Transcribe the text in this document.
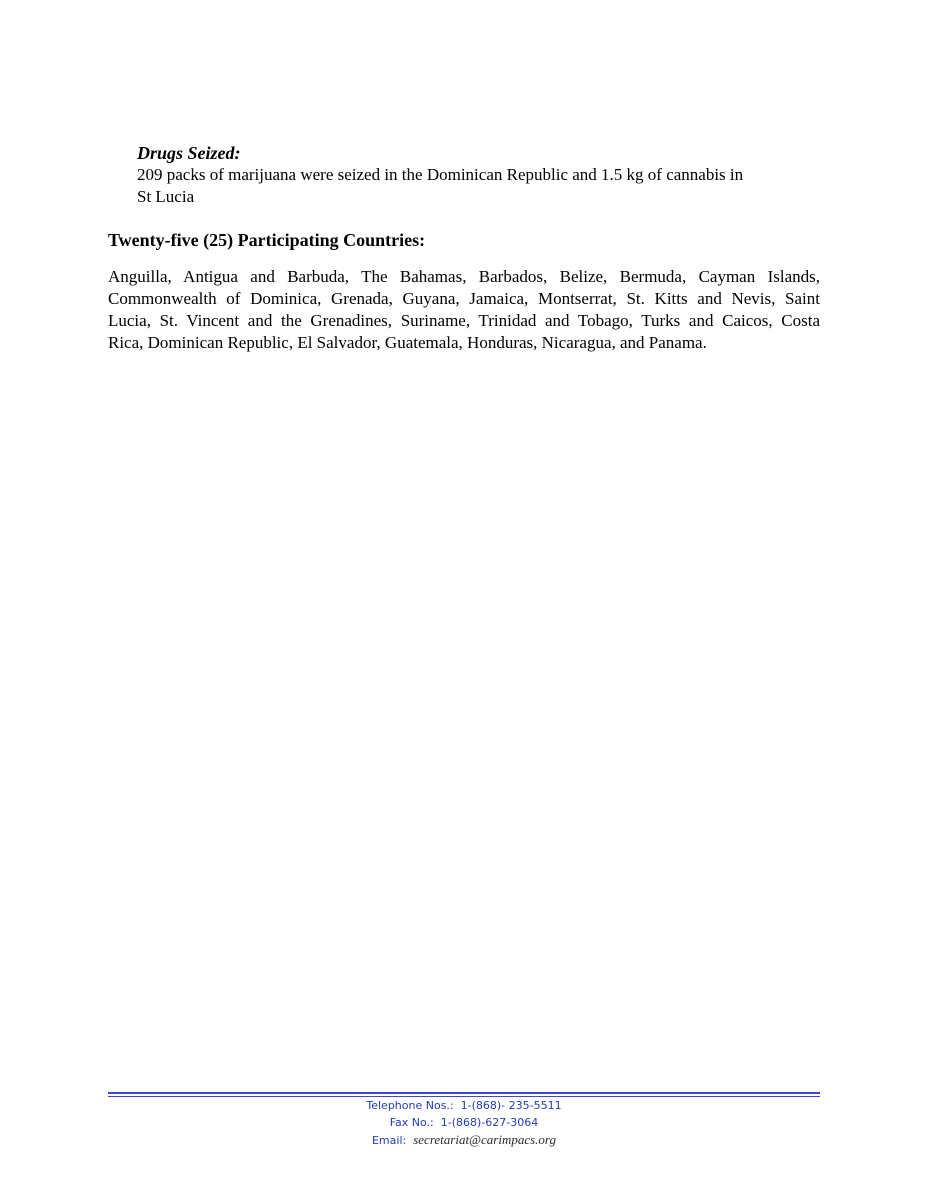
Drugs Seized:
209 packs of marijuana were seized in the Dominican Republic and 1.5 kg of cannabis in
St Lucia
Twenty-five (25) Participating Countries:
Anguilla, Antigua and Barbuda, The Bahamas, Barbados, Belize, Bermuda, Cayman Islands,
Commonwealth of Dominica, Grenada, Guyana, Jamaica, Montserrat, St. Kitts and Nevis, Saint
Lucia, St. Vincent and the Grenadines, Suriname, Trinidad and Tobago, Turks and Caicos, Costa
Rica, Dominican Republic, El Salvador, Guatemala, Honduras, Nicaragua, and Panama.
Telephone Nos.: 1-(868)- 235-5511
Fax No.: 1-(868)-627-3064
Email: secretariat@carimpacs.org
